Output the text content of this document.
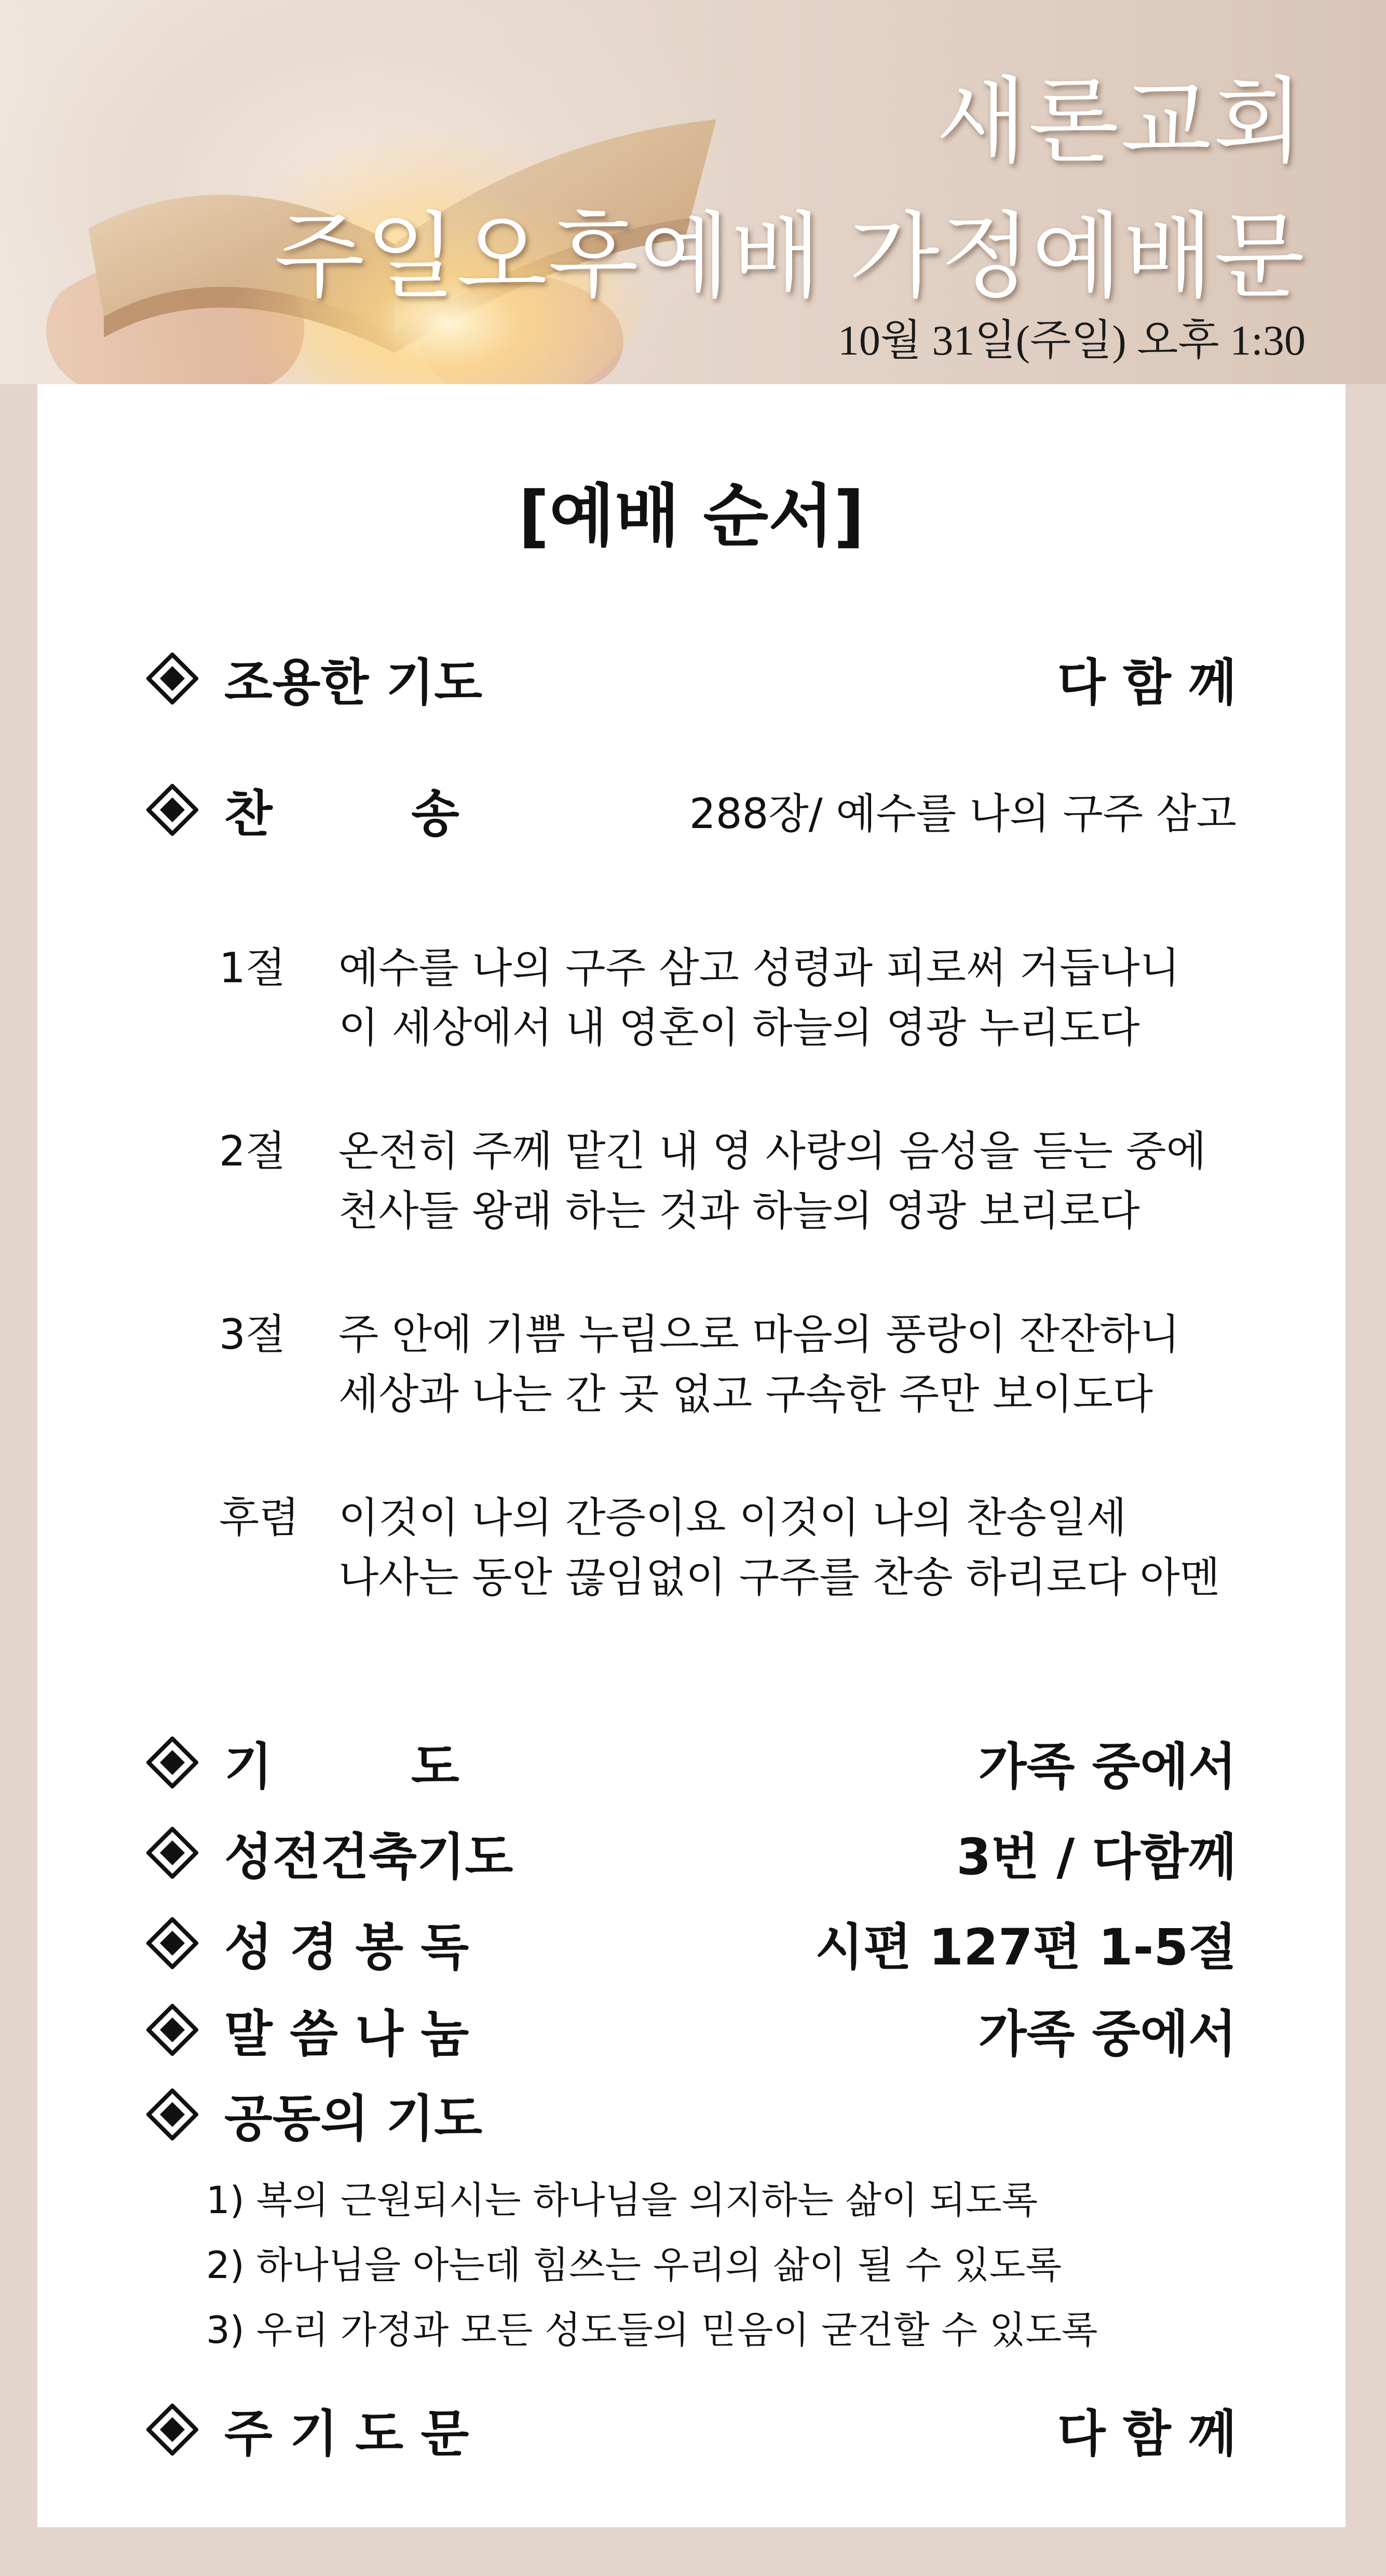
새론교회
주일오후예배 가정예배문
10월 31일(주일) 오후 1:30
[예배 순서]
조용한 기도	다 함 께
찬        송	288장/ 예수를 나의 구주 삼고
1절 예수를 나의 구주 삼고 성령과 피로써 거듭나니
이 세상에서 내 영혼이 하늘의 영광 누리도다
2절 온전히 주께 맡긴 내 영 사랑의 음성을 듣는 중에
천사들 왕래 하는 것과 하늘의 영광 보리로다
3절 주 안에 기쁨 누림으로 마음의 풍랑이 잔잔하니
세상과 나는 간 곳 없고 구속한 주만 보이도다
후렴 이것이 나의 간증이요 이것이 나의 찬송일세
나사는 동안 끊임없이 구주를 찬송 하리로다 아멘
기        도	가족 중에서
성전건축기도	3번 / 다함께
성 경 봉 독	시편 127편 1-5절
말 씀 나 눔	가족 중에서
공동의 기도
1) 복의 근원되시는 하나님을 의지하는 삶이 되도록
2) 하나님을 아는데 힘쓰는 우리의 삶이 될 수 있도록
3) 우리 가정과 모든 성도들의 믿음이 굳건할 수 있도록
주 기 도 문	다 함 께
